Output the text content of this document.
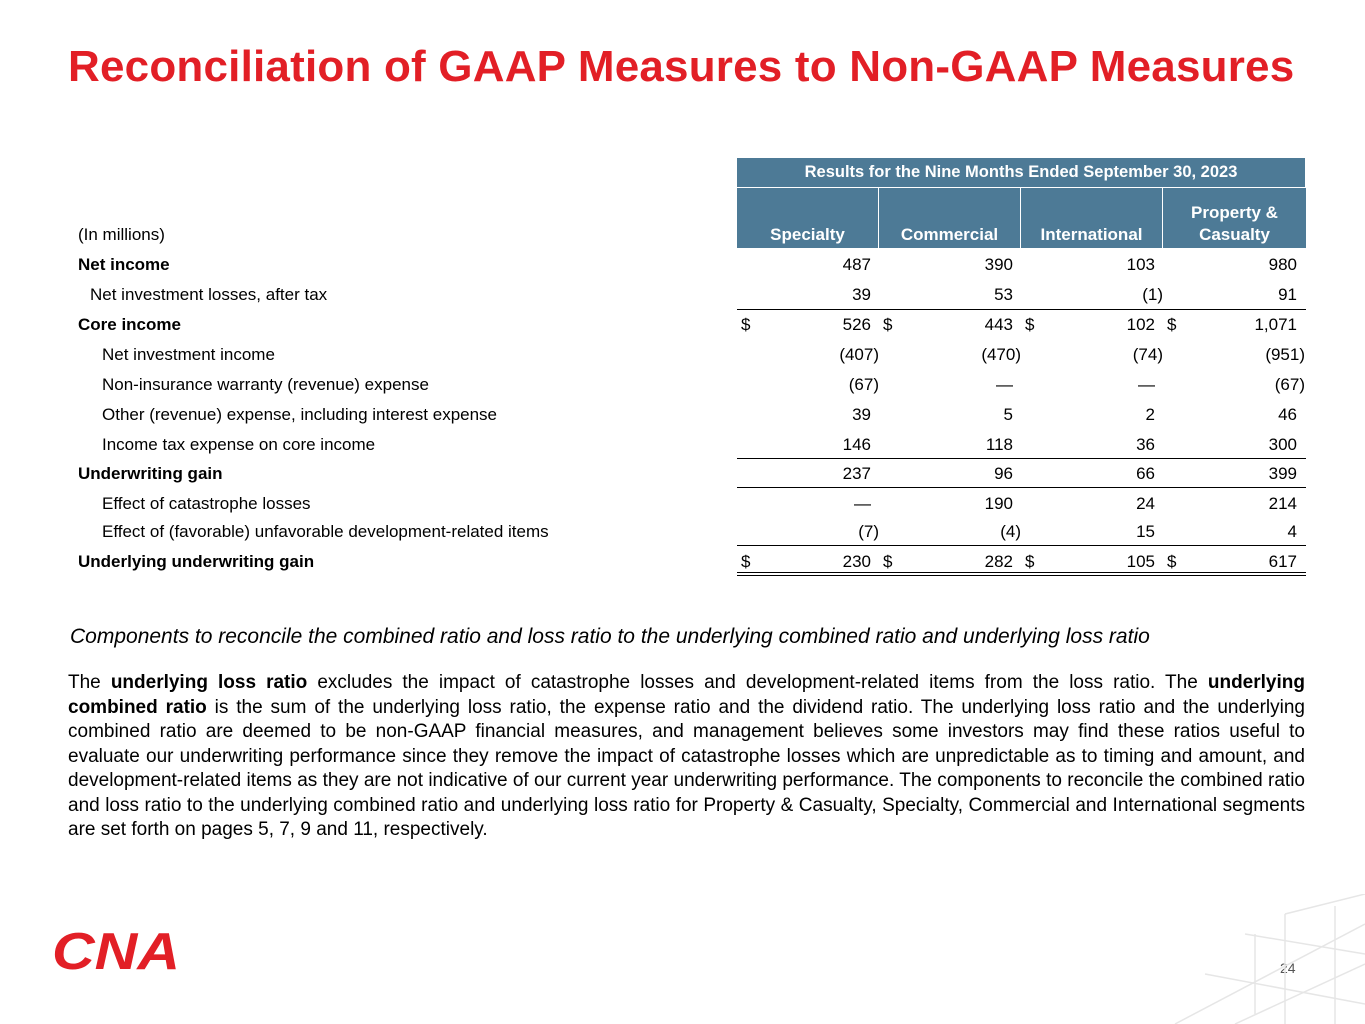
Reconciliation of GAAP Measures to Non-GAAP Measures
Results for the Nine Months Ended September 30, 2023
Specialty	Commercial	International
Property & Casualty
(In millions)
Net income	487	390	103	980
Net investment losses, after tax	39	53	(1)	91
Core income	$	526 $	443 $	102 $	1,071
Net investment income	(407)	(470)	(74)	(951)
Non-insurance warranty (revenue) expense	(67)	—	—	(67)
Other (revenue) expense, including interest expense	39	5	2	46
Income tax expense on core income	146	118	36	300
Underwriting gain	237	96	66	399
Effect of catastrophe losses	—	190	24	214
Effect of (favorable) unfavorable development-related items	(7)	(4)	15	4
Underlying underwriting gain	$	230 $	282 $	105 $	617
Components to reconcile the combined ratio and loss ratio to the underlying combined ratio and underlying loss ratio

The underlying loss ratio excludes the impact of catastrophe losses and development-related items from the loss ratio. The underlying combined ratio is the sum of the underlying loss ratio, the expense ratio and the dividend ratio. The underlying loss ratio and the underlying combined ratio are deemed to be non-GAAP financial measures, and management believes some investors may find these ratios useful to evaluate our underwriting performance since they remove the impact of catastrophe losses which are unpredictable as to timing and amount, and development-related items as they are not indicative of our current year underwriting performance. The components to reconcile the combined ratio and loss ratio to the underlying combined ratio and underlying loss ratio for Property & Casualty, Specialty, Commercial and International segments are set forth on pages 5, 7, 9 and 11, respectively.

CNA	24
